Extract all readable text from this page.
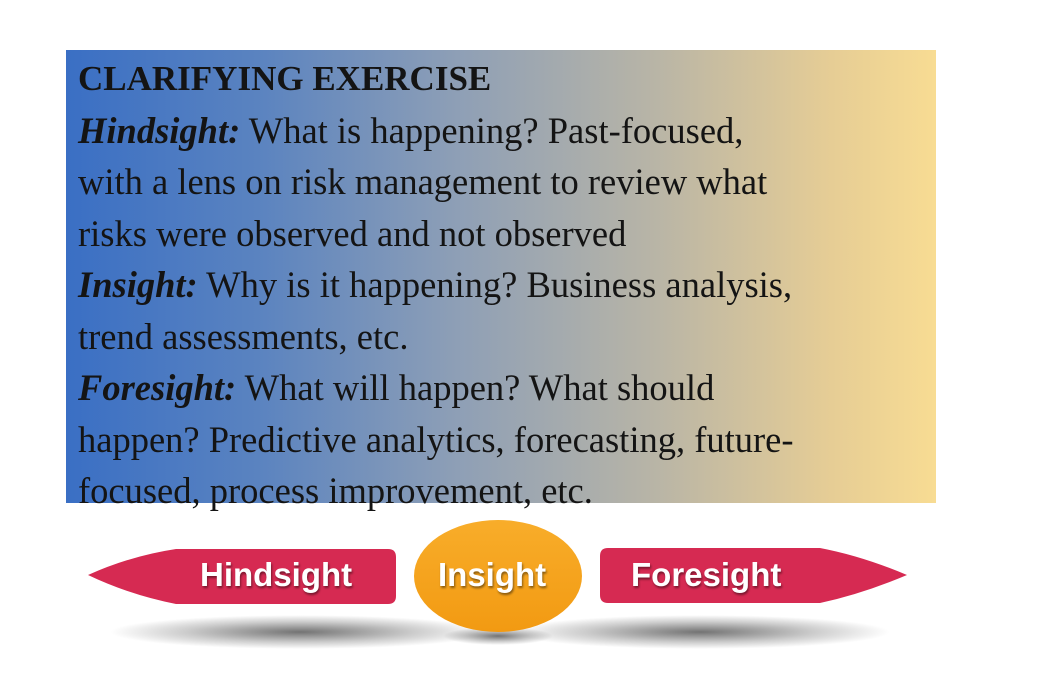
CLARIFYING EXERCISE
Hindsight: What is happening? Past-focused,
with a lens on risk management to review what
risks were observed and not observed
Insight: Why is it happening? Business analysis,
trend assessments, etc.
Foresight: What will happen? What should
happen? Predictive analytics, forecasting, future-
focused, process improvement, etc.
Hindsight	Insight	Foresight
